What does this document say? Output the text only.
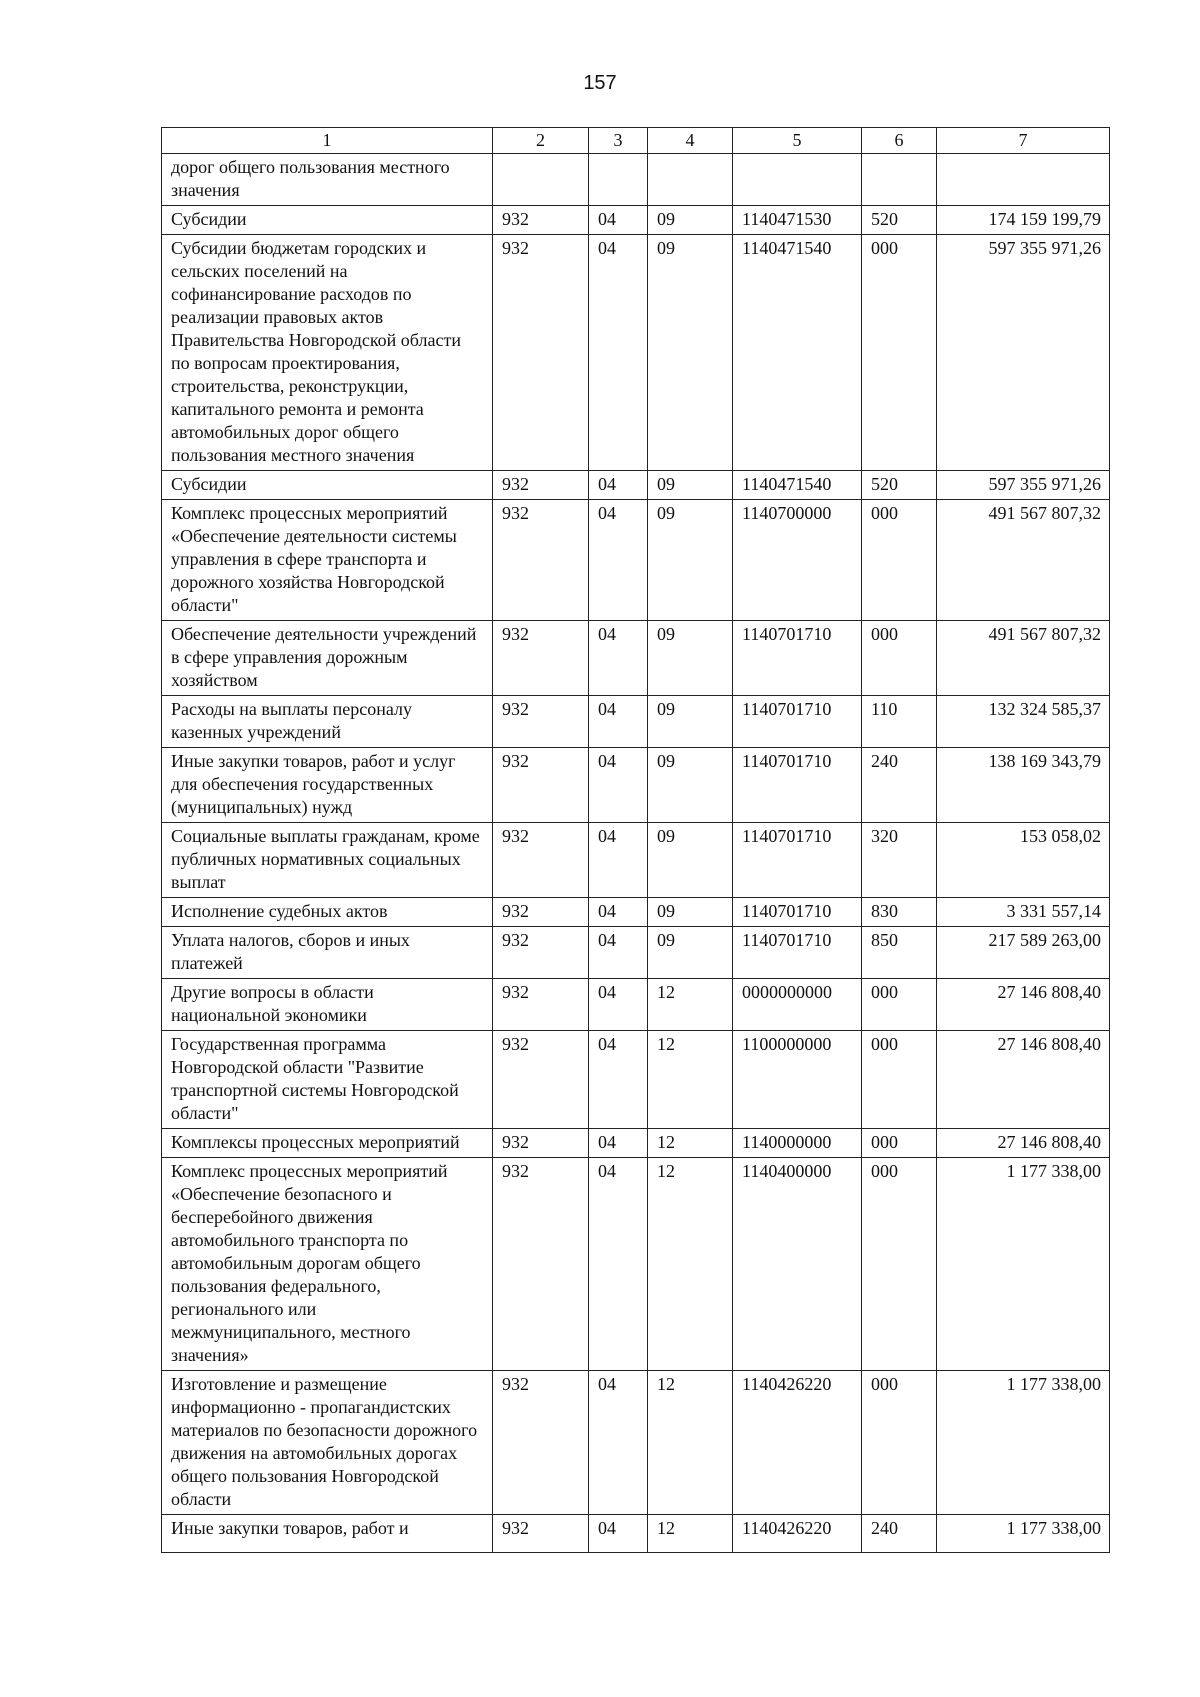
157
1	2	3	4	5	6	7
дорог общего пользования местного значения						
Субсидии	932	04	09	1140471530	520	174 159 199,79
Субсидии бюджетам городских и сельских поселений на софинансирование расходов по реализации правовых актов Правительства Новгородской области по вопросам проектирования, строительства, реконструкции, капитального ремонта и ремонта автомобильных дорог общего пользования местного значения	932	04	09	1140471540	000	597 355 971,26
Субсидии	932	04	09	1140471540	520	597 355 971,26
Комплекс процессных мероприятий «Обеспечение деятельности системы управления в сфере транспорта и дорожного хозяйства Новгородской области"	932	04	09	1140700000	000	491 567 807,32
Обеспечение деятельности учреждений в сфере управления дорожным хозяйством	932	04	09	1140701710	000	491 567 807,32
Расходы на выплаты персоналу казенных учреждений	932	04	09	1140701710	110	132 324 585,37
Иные закупки товаров, работ и услуг для обеспечения государственных (муниципальных) нужд	932	04	09	1140701710	240	138 169 343,79
Социальные выплаты гражданам, кроме публичных нормативных социальных выплат	932	04	09	1140701710	320	153 058,02
Исполнение судебных актов	932	04	09	1140701710	830	3 331 557,14
Уплата налогов, сборов и иных платежей	932	04	09	1140701710	850	217 589 263,00
Другие вопросы в области национальной экономики	932	04	12	0000000000	000	27 146 808,40
Государственная программа Новгородской области "Развитие транспортной системы Новгородской области"	932	04	12	1100000000	000	27 146 808,40
Комплексы процессных мероприятий	932	04	12	1140000000	000	27 146 808,40
Комплекс процессных мероприятий «Обеспечение безопасного и бесперебойного движения автомобильного транспорта по автомобильным дорогам общего пользования федерального, регионального или межмуниципального, местного значения»	932	04	12	1140400000	000	1 177 338,00
Изготовление и размещение информационно - пропагандистских материалов по безопасности дорожного движения на автомобильных дорогах общего пользования Новгородской области	932	04	12	1140426220	000	1 177 338,00
Иные закупки товаров, работ и	932	04	12	1140426220	240	1 177 338,00
